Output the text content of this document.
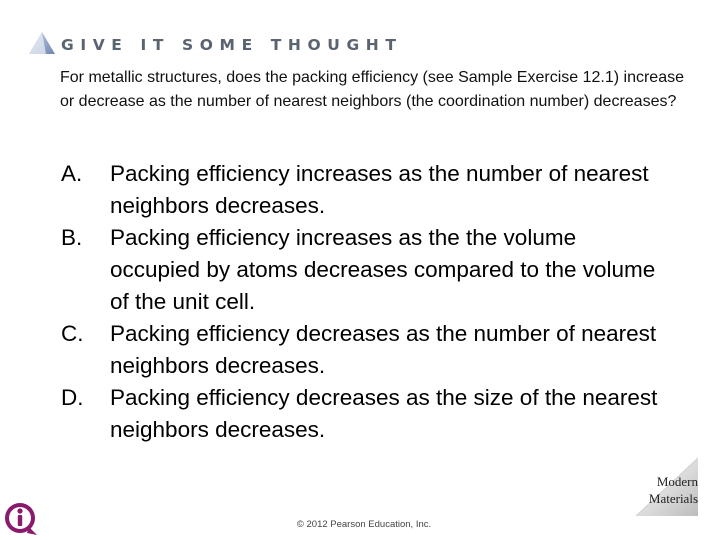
GIVE IT SOME THOUGHT

For metallic structures, does the packing efficiency (see Sample Exercise 12.1) increase or decrease as the number of nearest neighbors (the coordination number) decreases?

A. Packing efficiency increases as the number of nearest neighbors decreases.
B. Packing efficiency increases as the the volume occupied by atoms decreases compared to the volume of the unit cell.
C. Packing efficiency decreases as the number of nearest neighbors decreases.
D. Packing efficiency decreases as the size of the nearest neighbors decreases.
Modern
Materials
© 2012 Pearson Education, Inc.
